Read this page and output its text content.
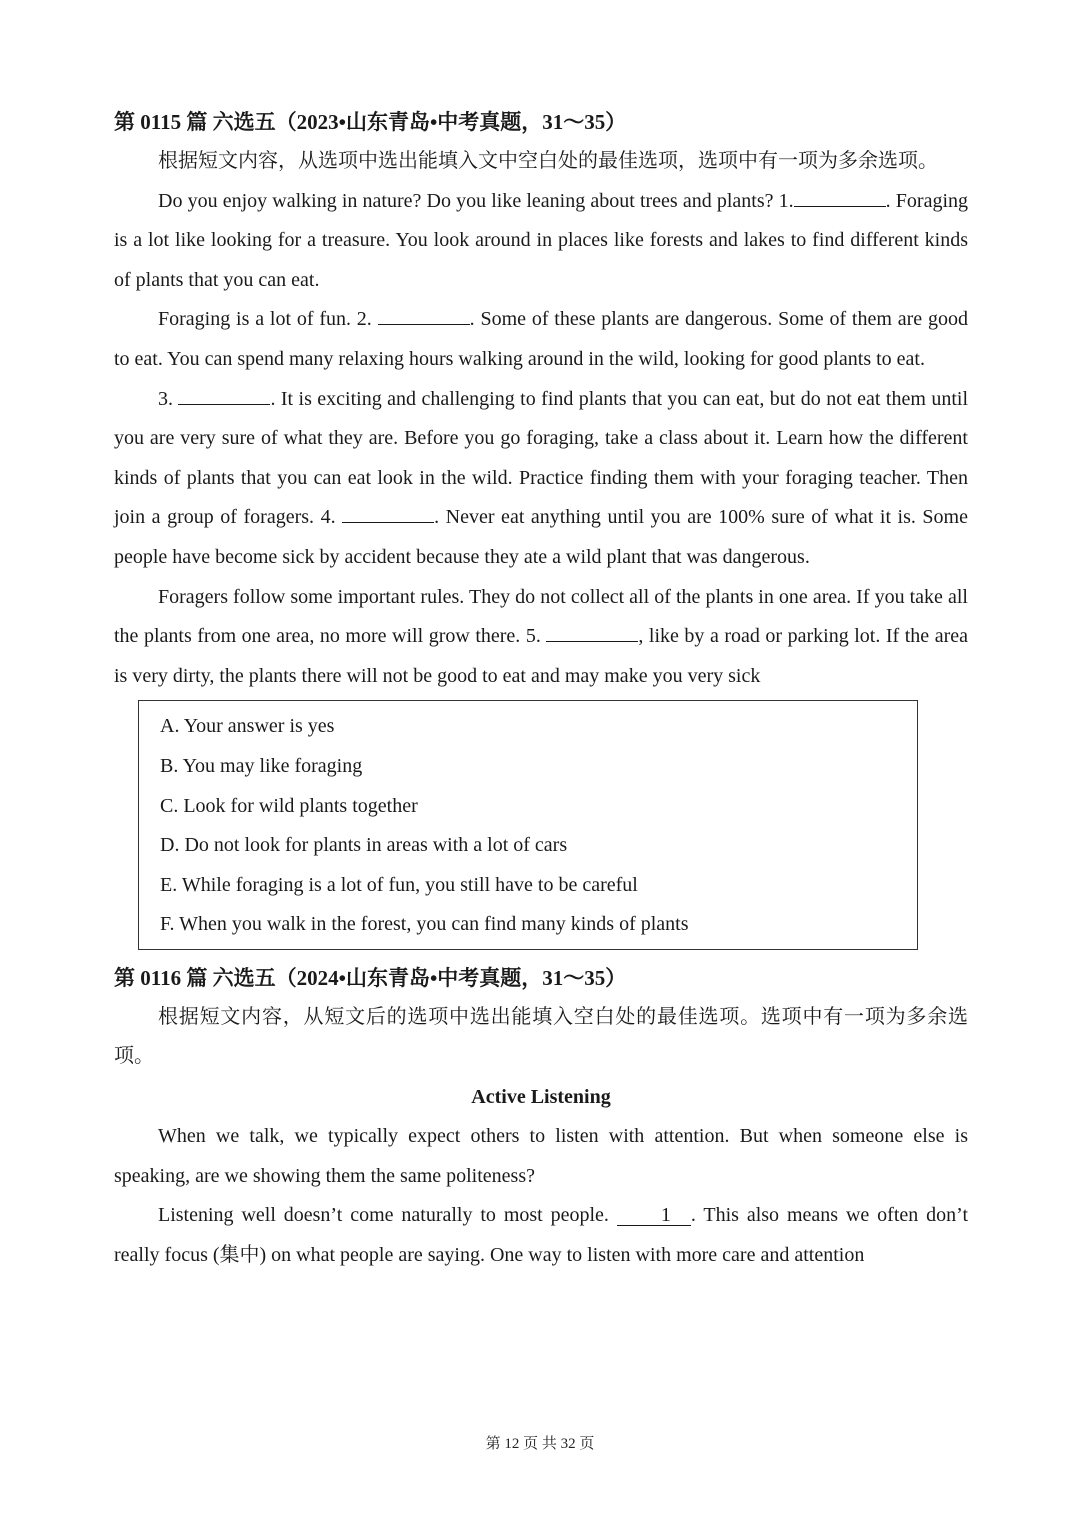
第 0115 篇 六选五（2023•山东青岛•中考真题，31～35）

根据短文内容，从选项中选出能填入文中空白处的最佳选项，选项中有一项为多余选项。

Do you enjoy walking in nature? Do you like leaning about trees and plants? 1.	. Foraging is a lot like looking for a treasure. You look around in places like forests and lakes to find different kinds of plants that you can eat.

Foraging is a lot of fun. 2.	. Some of these plants are dangerous. Some of them are good to eat. You can spend many relaxing hours walking around in the wild, looking for good plants to eat.

3.	. It is exciting and challenging to find plants that you can eat, but do not eat them until you are very sure of what they are. Before you go foraging, take a class about it. Learn how the different kinds of plants that you can eat look in the wild. Practice finding them with your foraging teacher. Then join a group of foragers. 4.	. Never eat anything until you are 100% sure of what it is. Some people have become sick by accident because they ate a wild plant that was dangerous.

Foragers follow some important rules. They do not collect all of the plants in one area. If you take all the plants from one area, no more will grow there. 5.	, like by a road or parking lot. If the area is very dirty, the plants there will not be good to eat and may make you very sick

A. Your answer is yes
B. You may like foraging
C. Look for wild plants together
D. Do not look for plants in areas with a lot of cars
E. While foraging is a lot of fun, you still have to be careful
F. When you walk in the forest, you can find many kinds of plants
第 0116 篇 六选五（2024•山东青岛•中考真题，31～35）

根据短文内容，从短文后的选项中选出能填入空白处的最佳选项。选项中有一项为多余选项。

Active Listening

When we talk, we typically expect others to listen with attention. But when someone else is speaking, are we showing them the same politeness?

Listening well doesn’t come naturally to most people. 1 . This also means we often don’t really focus (集中) on what people are saying. One way to listen with more care and attention

第 12 页 共 32 页
